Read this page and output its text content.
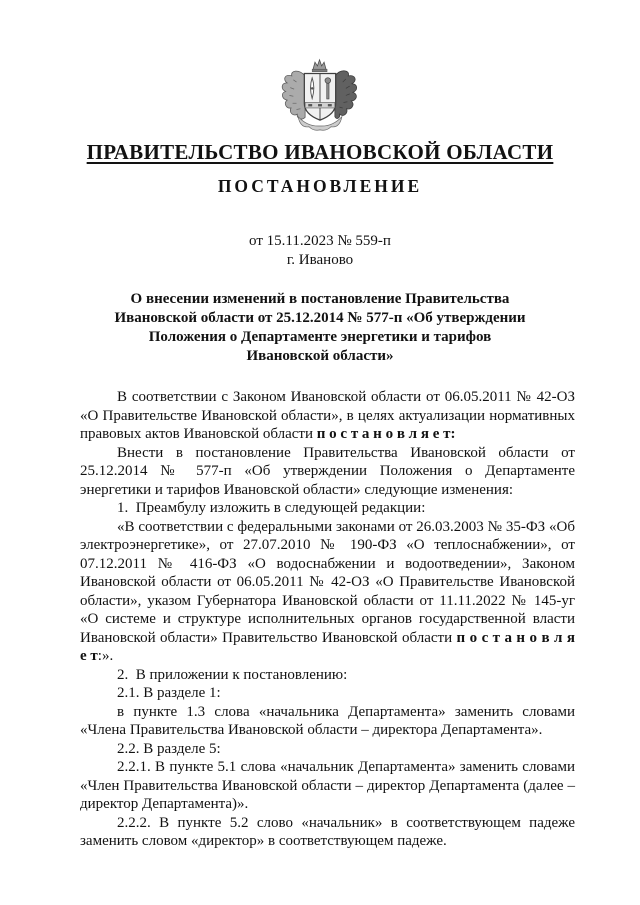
ПРАВИТЕЛЬСТВО ИВАНОВСКОЙ ОБЛАСТИ
ПОСТАНОВЛЕНИЕ
от 15.11.2023 № 559-п
г. Иваново
О внесении изменений в постановление Правительства
Ивановской области от 25.12.2014 № 577-п «Об утверждении
Положения о Департаменте энергетики и тарифов
Ивановской области»

В соответствии с Законом Ивановской области от 06.05.2011 № 42-ОЗ «О Правительстве Ивановской области», в целях актуализации нормативных правовых актов Ивановской области п о с т а н о в л я е т:

Внести в постановление Правительства Ивановской области от 25.12.2014 № 577-п «Об утверждении Положения о Департаменте энергетики и тарифов Ивановской области» следующие изменения:

1.  Преамбулу изложить в следующей редакции:

«В соответствии с федеральными законами от 26.03.2003 № 35-ФЗ «Об электроэнергетике», от 27.07.2010 № 190-ФЗ «О теплоснабжении», от 07.12.2011 № 416-ФЗ «О водоснабжении и водоотведении», Законом Ивановской области от 06.05.2011 № 42-ОЗ «О Правительстве Ивановской области», указом Губернатора Ивановской области от 11.11.2022 № 145-уг «О системе и структуре исполнительных органов государственной власти Ивановской области» Правительство Ивановской области п о с т а н о в л я е т:».

2.  В приложении к постановлению:

2.1. В разделе 1:

в пункте 1.3 слова «начальника Департамента» заменить словами «Члена Правительства Ивановской области – директора Департамента».

2.2. В разделе 5:

2.2.1. В пункте 5.1 слова «начальник Департамента» заменить словами «Член Правительства Ивановской области – директор Департамента (далее – директор Департамента)».

2.2.2. В пункте 5.2 слово «начальник» в соответствующем падеже заменить словом «директор» в соответствующем падеже.
